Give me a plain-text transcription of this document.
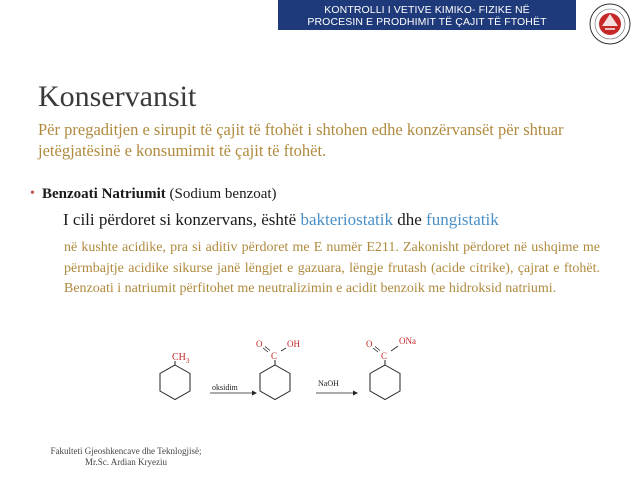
KONTROLLI I VETIVE KIMIKO- FIZIKE NË
PROCESIN E PRODHIMIT TË ÇAJIT TË FTOHËT
Konservansit
Për pregaditjen e sirupit të çajit të ftohët i shtohen edhe konzërvansët për shtuar jetëgjatësinë e konsumimit të çajit të ftohët.
• Benzoati Natriumit (Sodium benzoat)
I cili përdoret si konzervans, është bakteriostatik dhe fungistatik
në kushte acidike, pra si aditiv përdoret me E numër E211. Zakonisht përdoret në ushqime me përmbajtje acidike sikurse janë lëngjet e gazuara, lëngje frutash (acide citrike), çajrat e ftohët. Benzoati i natriumit përfitohet me neutralizimin e acidit benzoik me hidroksid natriumi.
$CH_3$
oksidim
C
O	OH
NaOH
C
O	ONa
Fakulteti Gjeoshkencave dhe Teknlogjisë; Mr.Sc. Ardian Kryeziu
